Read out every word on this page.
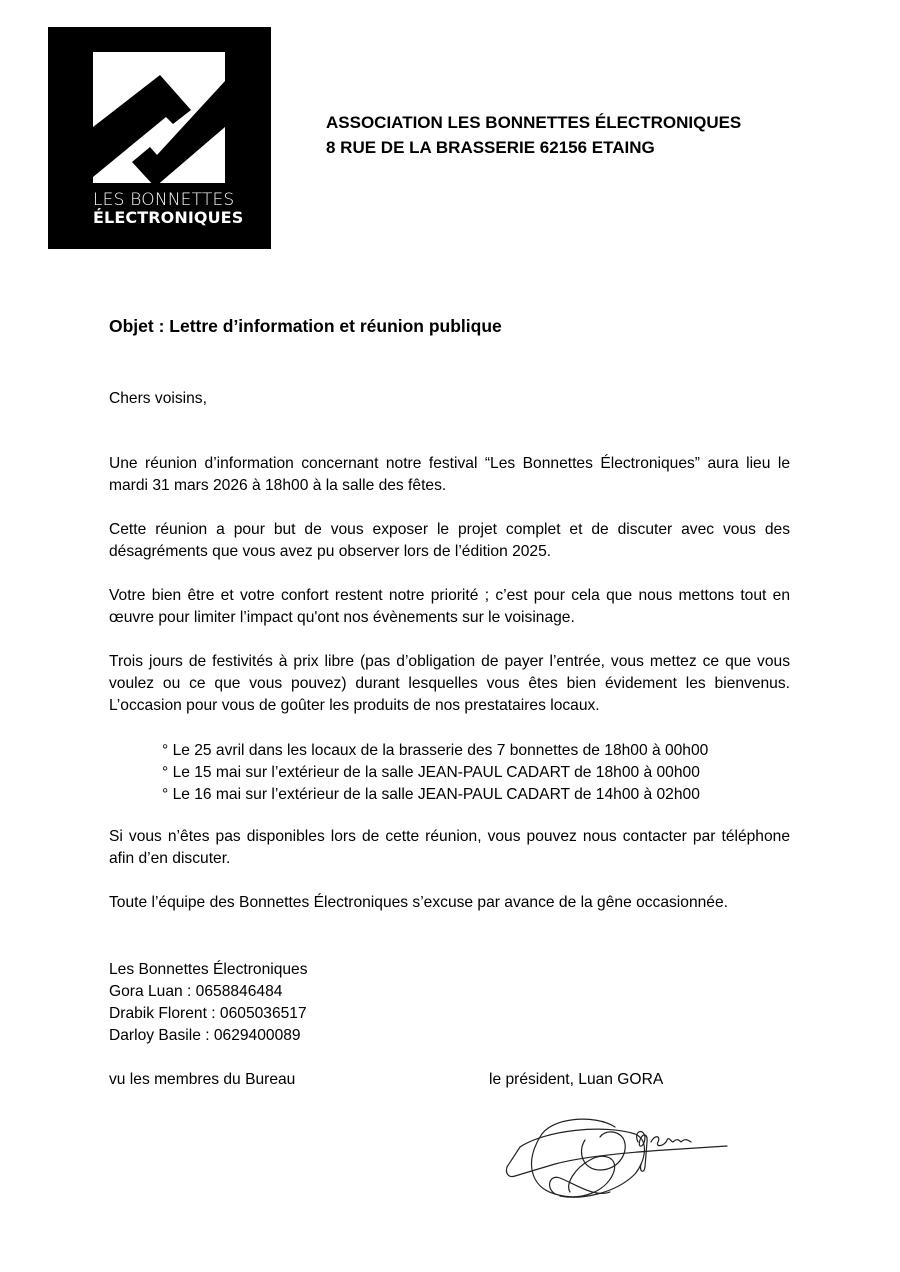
LES BONNETTES
ÉLECTRONIQUES
ASSOCIATION LES BONNETTES ÉLECTRONIQUES
8 RUE DE LA BRASSERIE 62156 ETAING
Objet : Lettre d’information et réunion publique
Chers voisins,
Une réunion d’information concernant notre festival “Les Bonnettes Électroniques” aura lieu le mardi 31 mars 2026 à 18h00 à la salle des fêtes.
Cette réunion a pour but de vous exposer le projet complet et de discuter avec vous des désagréments que vous avez pu observer lors de l’édition 2025.
Votre bien être et votre confort restent notre priorité ; c’est pour cela que nous mettons tout en œuvre pour limiter l’impact qu'ont nos évènements sur le voisinage.
Trois jours de festivités à prix libre (pas d’obligation de payer l’entrée, vous mettez ce que vous voulez ou ce que vous pouvez) durant lesquelles vous êtes bien évidement les bienvenus. L’occasion pour vous de goûter les produits de nos prestataires locaux.
° Le 25 avril dans les locaux de la brasserie des 7 bonnettes de 18h00 à 00h00
° Le 15 mai sur l’extérieur de la salle JEAN-PAUL CADART de 18h00 à 00h00
° Le 16 mai sur l’extérieur de la salle JEAN-PAUL CADART de 14h00 à 02h00
Si vous n’êtes pas disponibles lors de cette réunion, vous pouvez nous contacter par téléphone afin d’en discuter.
Toute l’équipe des Bonnettes Électroniques s’excuse par avance de la gêne occasionnée.
Les Bonnettes Électroniques
Gora Luan : 0658846484
Drabik Florent : 0605036517
Darloy Basile : 0629400089
vu les membres du Bureau	le président, Luan GORA
